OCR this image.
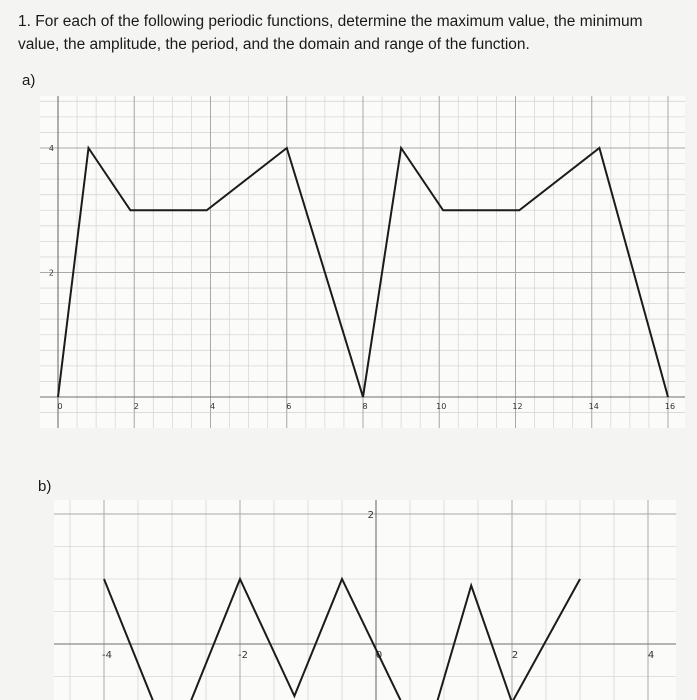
1. For each of the following periodic functions, determine the maximum value, the minimum value, the amplitude, the period, and the domain and range of the function.
a)
b)
0	2	4	6	8	10	12	14	16
2
4
-4	-2	0	2	4
2
